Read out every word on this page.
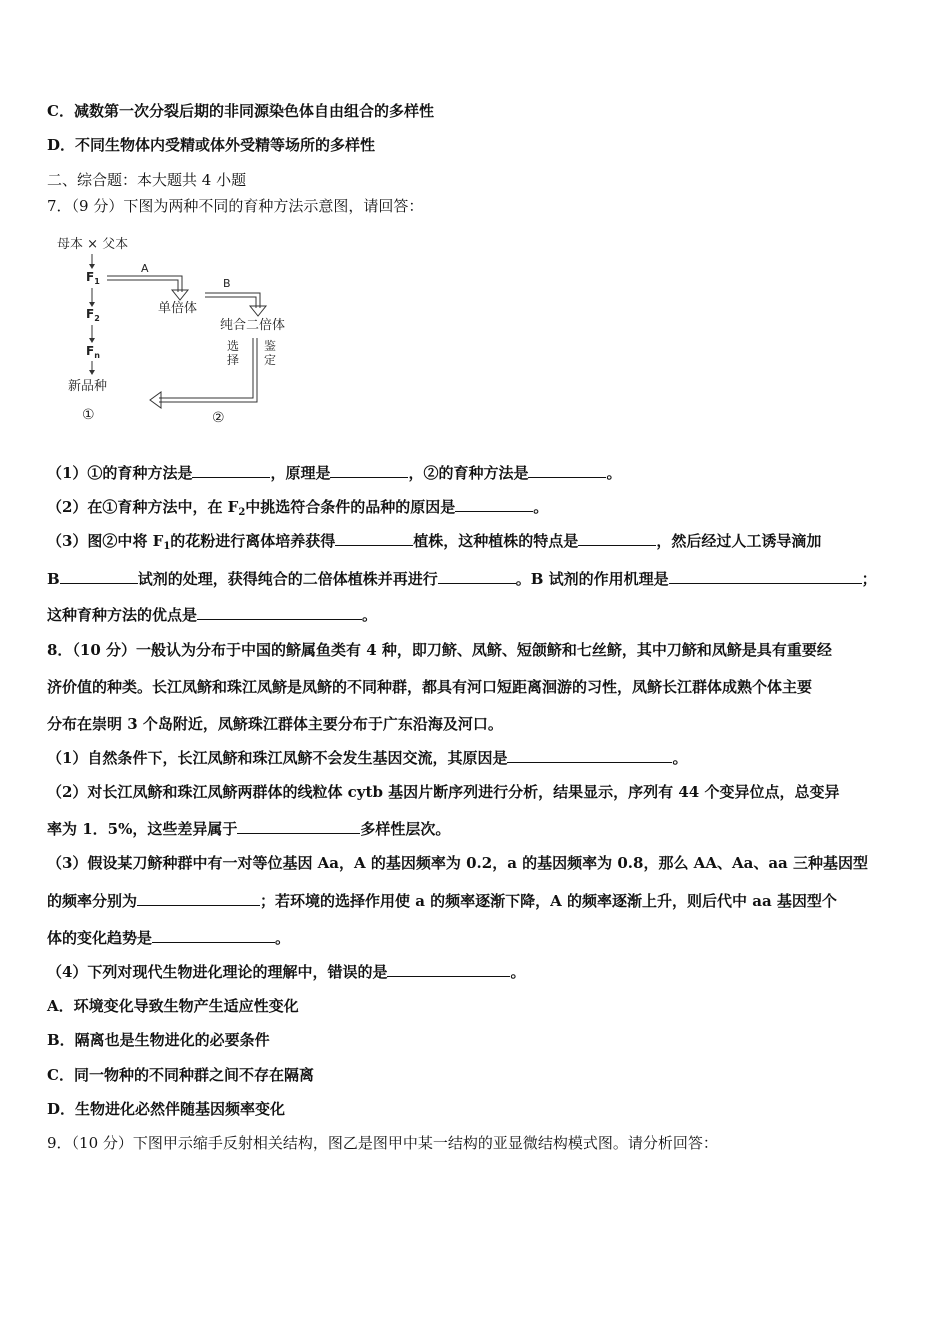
C．减数第一次分裂后期的非同源染色体自由组合的多样性
D．不同生物体内受精或体外受精等场所的多样性
二、综合题：本大题共 4 小题
7．（9 分）下图为两种不同的育种方法示意图，请回答：
母本 × 父本
$F_1$
$F_2$
$F_n$
新品种
①
A
单倍体
B
纯合二倍体
选
择
鉴
定
②
（1）①的育种方法是	，原理是	，②的育种方法是	。
（2）在①育种方法中，在 $F_2$中挑选符合条件的品种的原因是	。
（3）图②中将 $F_1$的花粉进行离体培养获得	植株，这种植株的特点是	，然后经过人工诱导滴加
B	试剂的处理，获得纯合的二倍体植株并再进行	。B 试剂的作用机理是	；
这种育种方法的优点是	。
8．（10 分）一般认为分布于中国的鲚属鱼类有 4 种，即刀鲚、凤鲚、短颌鲚和七丝鲚，其中刀鲚和凤鲚是具有重要经
济价值的种类。长江凤鲚和珠江凤鲚是凤鲚的不同种群，都具有河口短距离洄游的习性，凤鲚长江群体成熟个体主要
分布在崇明 3 个岛附近，凤鲚珠江群体主要分布于广东沿海及河口。
（1）自然条件下，长江凤鲚和珠江凤鲚不会发生基因交流，其原因是	。
（2）对长江凤鲚和珠江凤鲚两群体的线粒体 cytb 基因片断序列进行分析，结果显示，序列有 44 个变异位点，总变异
率为 1．5%，这些差异属于	多样性层次。
（3）假设某刀鲚种群中有一对等位基因 Aa，A 的基因频率为 0.2，a 的基因频率为 0.8，那么 AA、Aa、aa 三种基因型
的频率分别为	；若环境的选择作用使 a 的频率逐渐下降，A 的频率逐渐上升，则后代中 aa 基因型个
体的变化趋势是	。
（4）下列对现代生物进化理论的理解中，错误的是	。
A．环境变化导致生物产生适应性变化
B．隔离也是生物进化的必要条件
C．同一物种的不同种群之间不存在隔离
D．生物进化必然伴随基因频率变化
9．（10 分）下图甲示缩手反射相关结构，图乙是图甲中某一结构的亚显微结构模式图。请分析回答：
